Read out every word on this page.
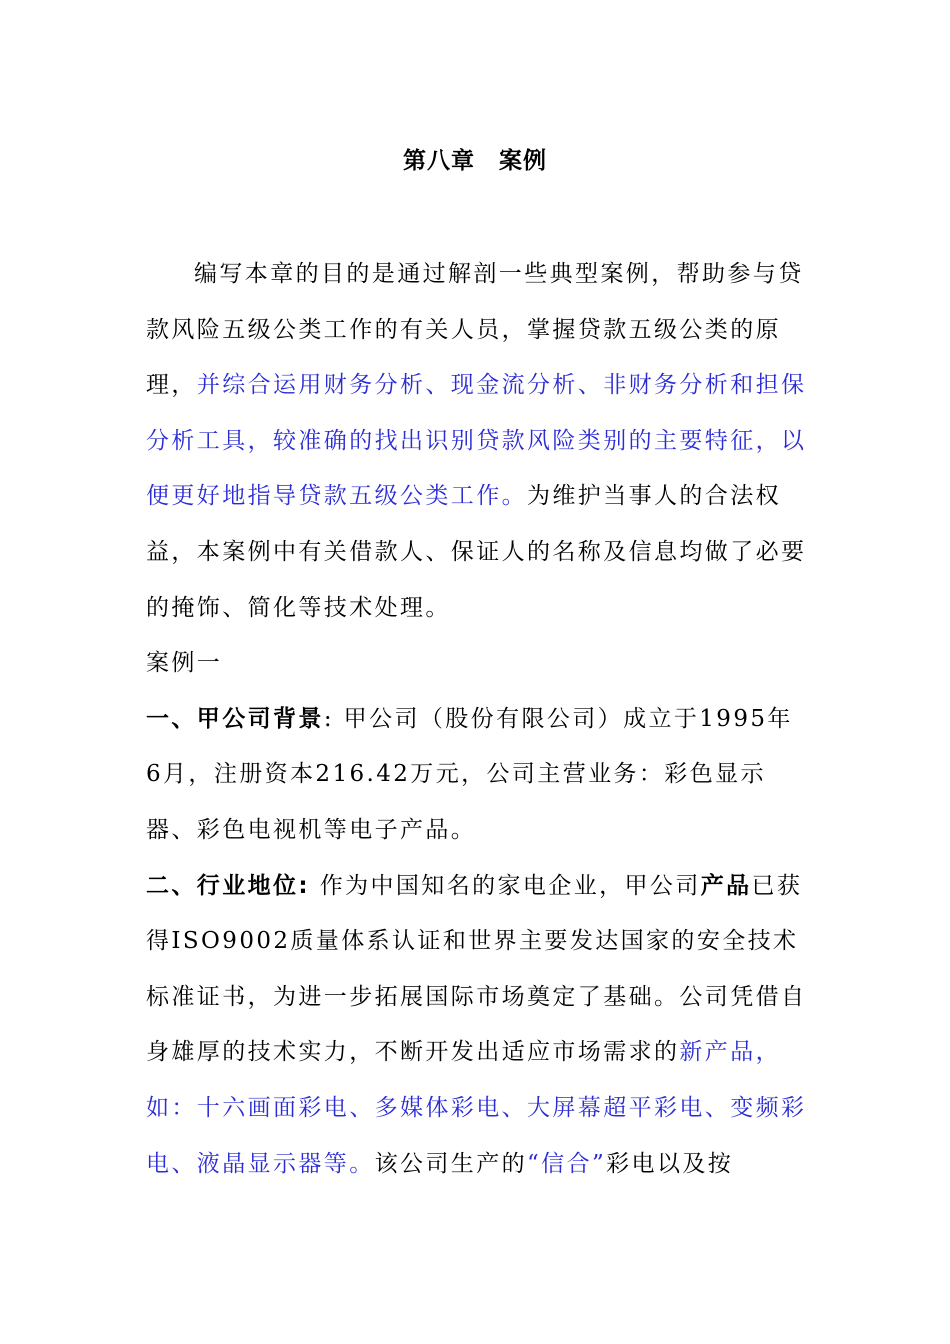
第八章　案例

编写本章的目的是通过解剖一些典型案例，帮助参与贷款风险五级公类工作的有关人员，掌握贷款五级公类的原理，并综合运用财务分析、现金流分析、非财务分析和担保分析工具，较准确的找出识别贷款风险类别的主要特征，以便更好地指导贷款五级公类工作。为维护当事人的合法权益，本案例中有关借款人、保证人的名称及信息均做了必要的掩饰、简化等技术处理。

案例一

一、甲公司背景: 甲公司（股份有限公司）成立于1995年6月，注册资本216.42万元，公司主营业务：彩色显示器、彩色电视机等电子产品。

二、行业地位: 作为中国知名的家电企业，甲公司产品已获得ISO9002质量体系认证和世界主要发达国家的安全技术标准证书，为进一步拓展国际市场奠定了基础。公司凭借自身雄厚的技术实力，不断开发出适应市场需求的新产品，如：十六画面彩电、多媒体彩电、大屏幕超平彩电、变频彩电、液晶显示器等。该公司生产的“信合”彩电以及按
